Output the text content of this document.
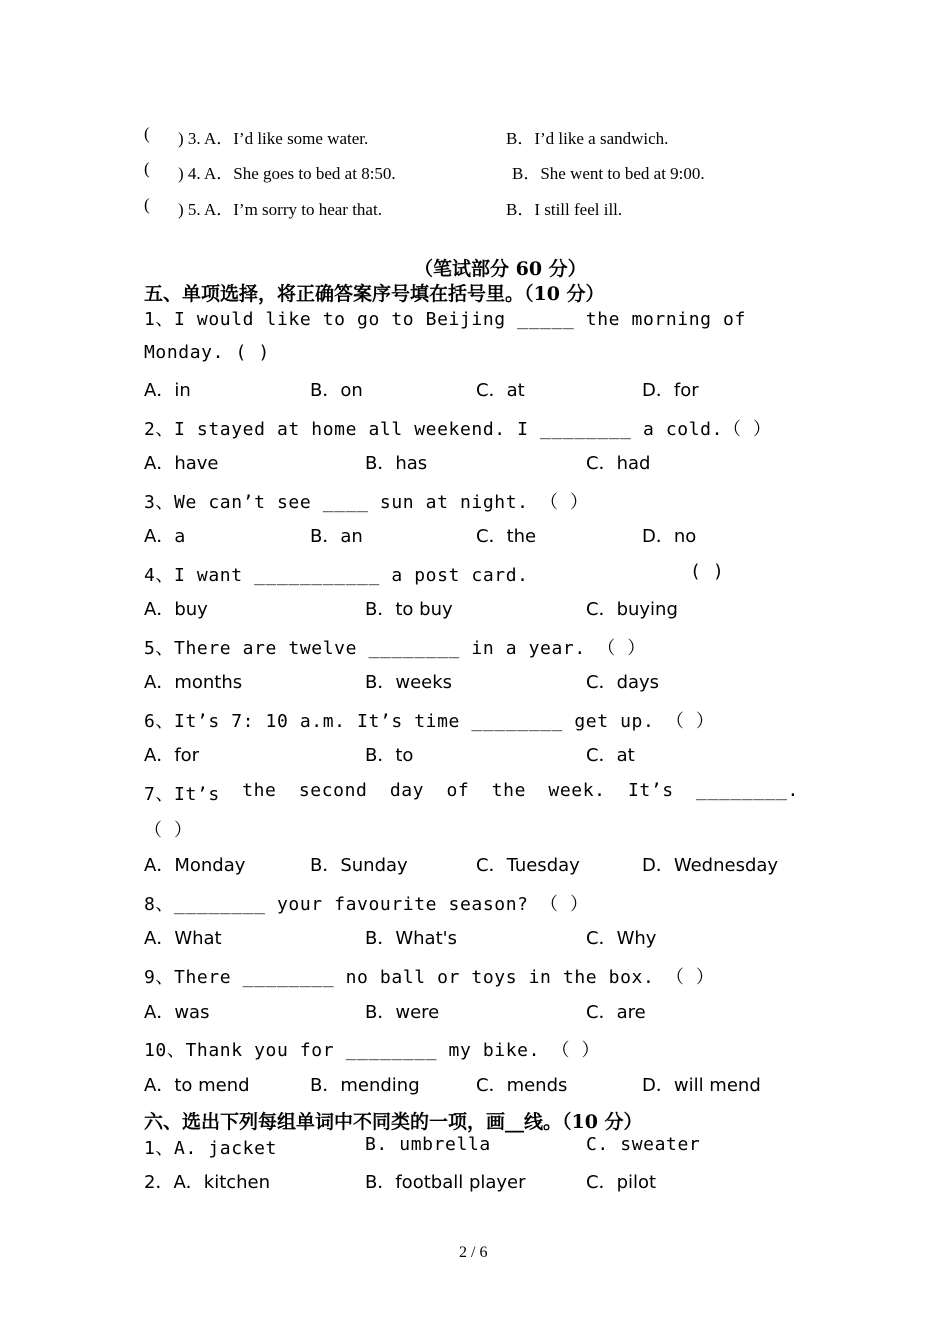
( ) 3. A．I’d like some water.	B．I’d like a sandwich.
( ) 4. A．She goes to bed at 8:50.	B．She went to bed at 9:00.
( ) 5. A．I’m sorry to hear that.	B．I still feel ill.
（笔试部分 60 分）
五、单项选择，将正确答案序号填在括号里。（10 分）
1、I would like to go to Beijing _____ the morning of
Monday. ( )
A．in	B．on	C．at	D．for
2、I stayed at home all weekend. I ________ a cold.（ ）
A．have	B．has	C．had
3、We can’t see ____ sun at night. （ ）
A．a	B．an	C．the	D．no
4、I want ___________ a post card.	( )
A．buy	B．to buy	C．buying
5、There are twelve ________ in a year. （ ）
A．months	B．weeks	C．days
6、It’s 7: 10 a.m. It’s time ________ get up. （ ）
A．for	B．to	C．at
7、It’s the second day of the week. It’s ________.
（ ）
A．Monday	B．Sunday	C．Tuesday	D．Wednesday
8、________ your favourite season? （ ）
A．What	B．What's	C．Why
9、There ________ no ball or toys in the box. （ ）
A．was	B．were	C．are
10、Thank you for ________ my bike. （ ）
A．to mend	B．mending	C．mends	D．will mend
六、选出下列每组单词中不同类的一项，画__线。（10 分）
1、A. jacket	B. umbrella	C. sweater
2．A．kitchen	B．football player	C．pilot
2 / 6
